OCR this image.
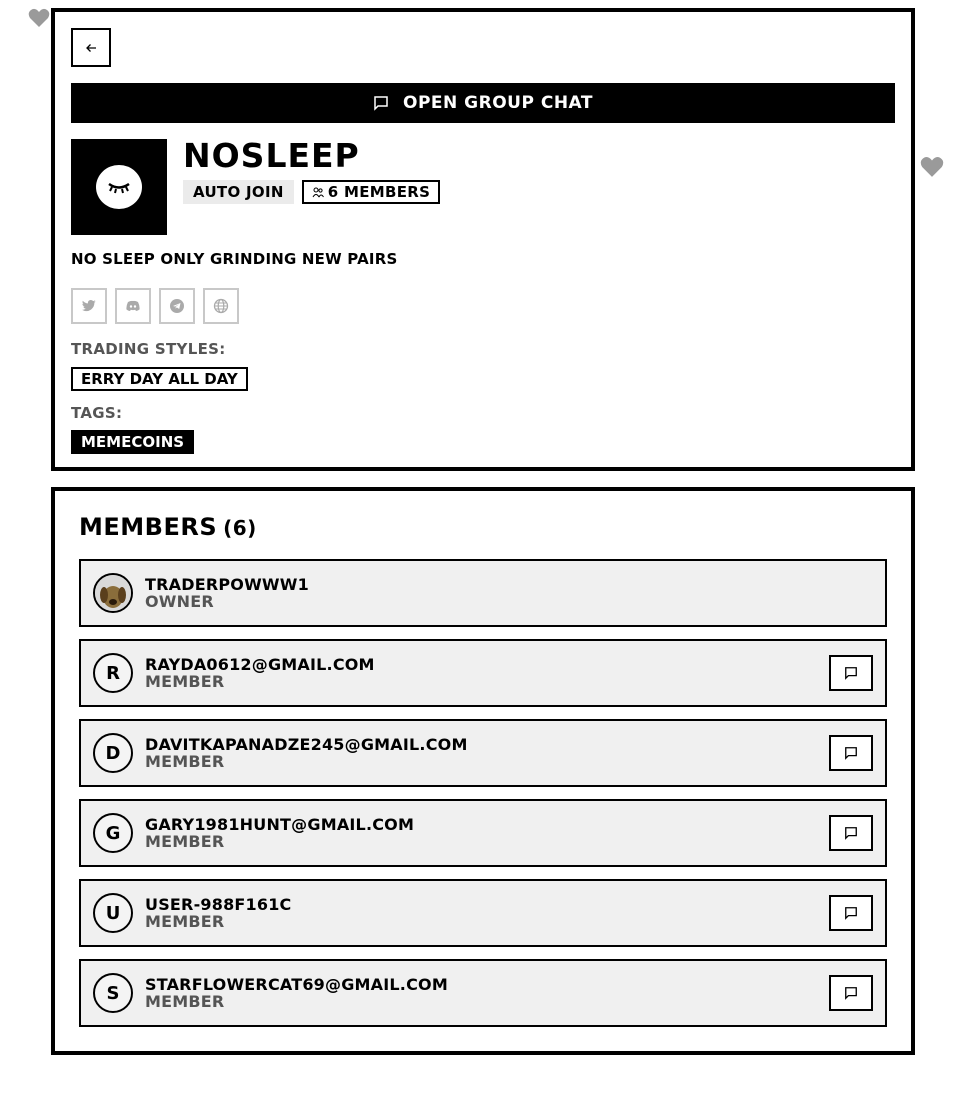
OPEN GROUP CHAT
NOSLEEP
AUTO JOIN	6 MEMBERS
NO SLEEP ONLY GRINDING NEW PAIRS
TRADING STYLES:
ERRY DAY ALL DAY
TAGS:
MEMECOINS
MEMBERS (6)
TRADERPOWWW1
OWNER
R	RAYDA0612@GMAIL.COM
MEMBER
D	DAVITKAPANADZE245@GMAIL.COM
MEMBER
G	GARY1981HUNT@GMAIL.COM
MEMBER
U	USER-988F161C
MEMBER
S	STARFLOWERCAT69@GMAIL.COM
MEMBER
